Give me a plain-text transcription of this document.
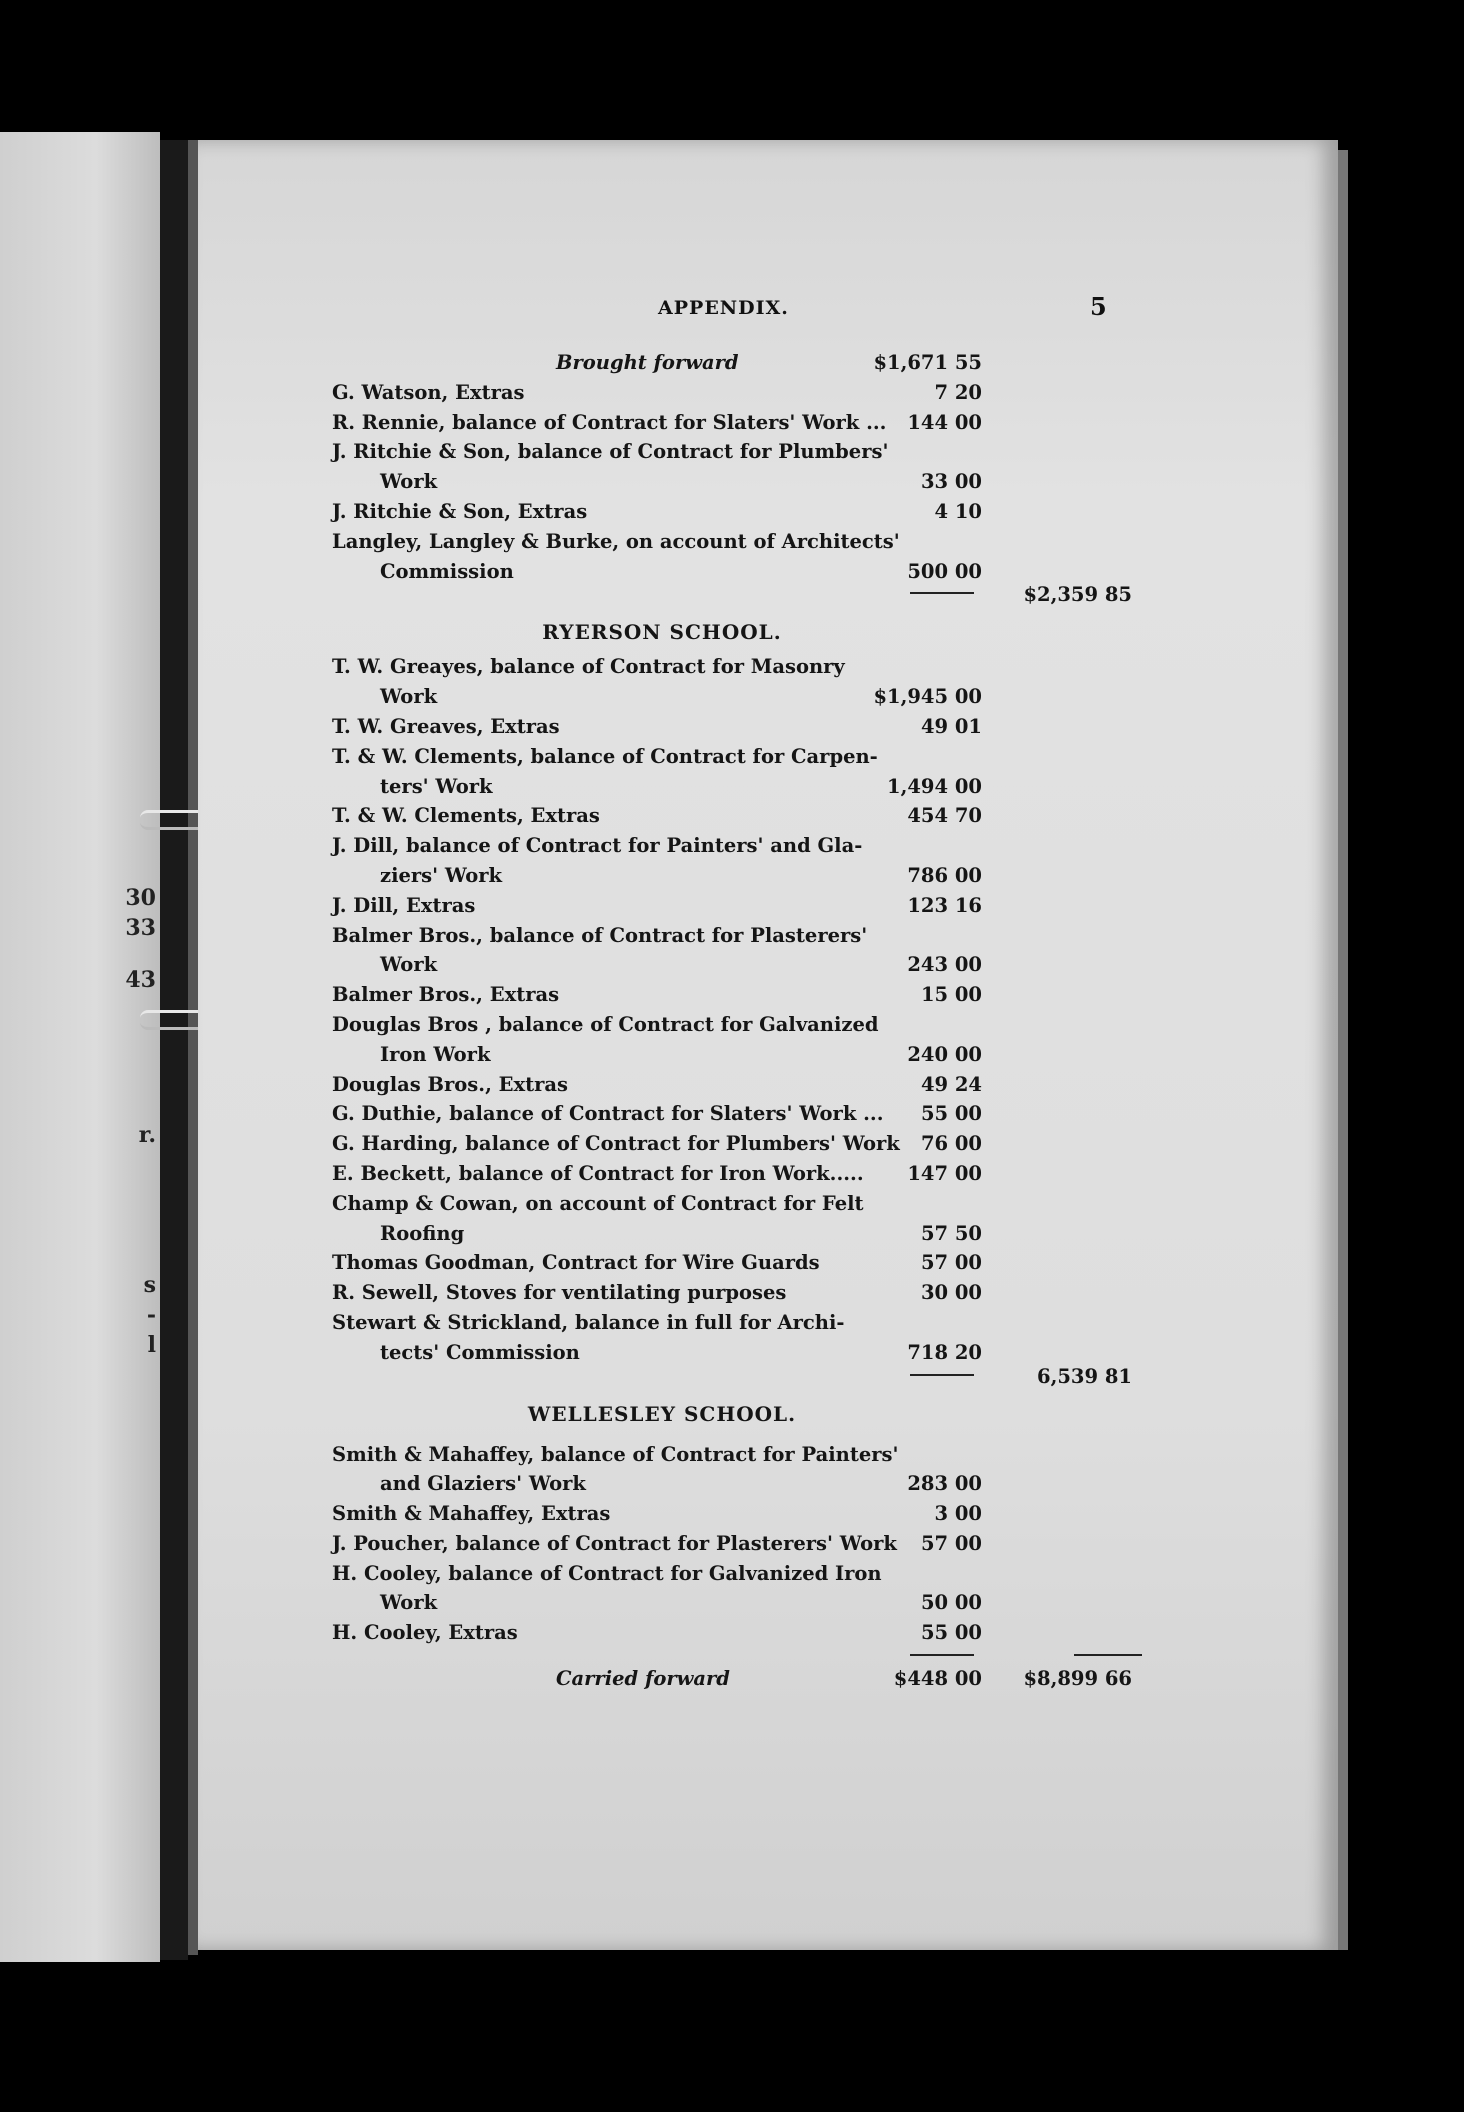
30
33
43
r.
s
-
l
APPENDIX.	5
Brought forward	$1,671 55
G. Watson, Extras	7 20
R. Rennie, balance of Contract for Slaters' Work ...	144 00
J. Ritchie & Son, balance of Contract for Plumbers'
Work	33 00
J. Ritchie & Son, Extras	4 10
Langley, Langley & Burke, on account of Architects'
Commission	500 00
$2,359 85
RYERSON SCHOOL.
T. W. Greayes, balance of Contract for Masonry
Work	$1,945 00
T. W. Greaves, Extras	49 01
T. & W. Clements, balance of Contract for Carpen-
ters' Work	1,494 00
T. & W. Clements, Extras	454 70
J. Dill, balance of Contract for Painters' and Gla-
ziers' Work	786 00
J. Dill, Extras	123 16
Balmer Bros., balance of Contract for Plasterers'
Work	243 00
Balmer Bros., Extras	15 00
Douglas Bros , balance of Contract for Galvanized
Iron Work	240 00
Douglas Bros., Extras	49 24
G. Duthie, balance of Contract for Slaters' Work ...	55 00
G. Harding, balance of Contract for Plumbers' Work	76 00
E. Beckett, balance of Contract for Iron Work.....	147 00
Champ & Cowan, on account of Contract for Felt
Roofing	57 50
Thomas Goodman, Contract for Wire Guards	57 00
R. Sewell, Stoves for ventilating purposes	30 00
Stewart & Strickland, balance in full for Archi-
tects' Commission	718 20
6,539 81
WELLESLEY SCHOOL.
Smith & Mahaffey, balance of Contract for Painters'
and Glaziers' Work	283 00
Smith & Mahaffey, Extras	3 00
J. Poucher, balance of Contract for Plasterers' Work	57 00
H. Cooley, balance of Contract for Galvanized Iron
Work	50 00
H. Cooley, Extras	55 00
Carried forward	$448 00	$8,899 66
